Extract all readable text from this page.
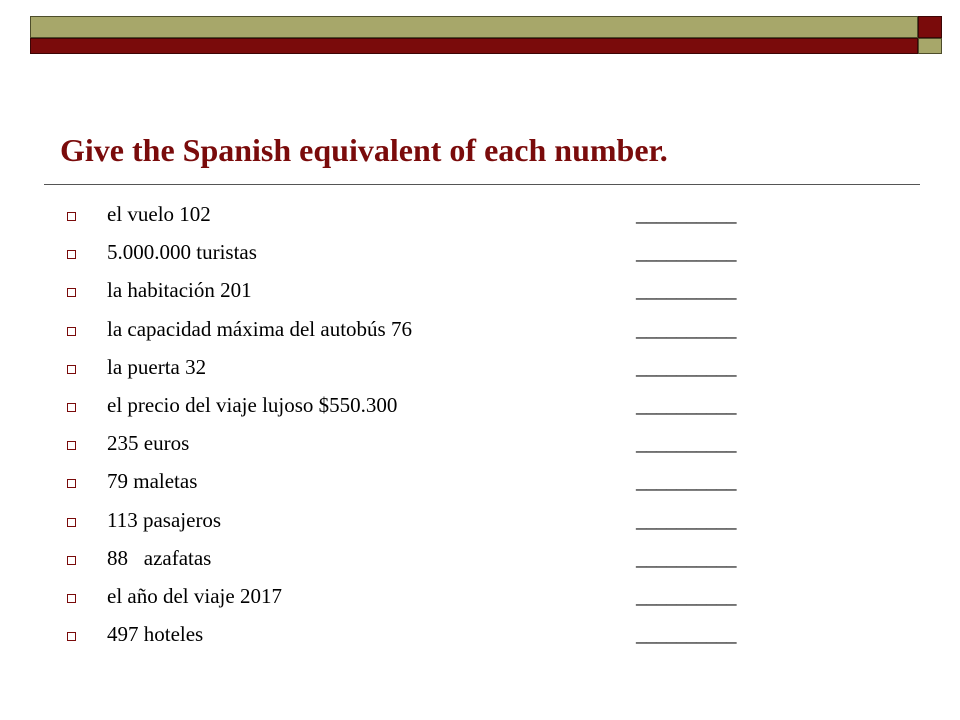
Give the Spanish equivalent of each number.
el vuelo 102	__________
5.000.000 turistas	__________
la habitación 201	__________
la capacidad máxima del autobús 76	__________
la puerta 32	__________
el precio del viaje lujoso $550.300	__________
235 euros	__________
79 maletas	__________
113 pasajeros	__________
88   azafatas	__________
el año del viaje 2017	__________
497 hoteles	__________
